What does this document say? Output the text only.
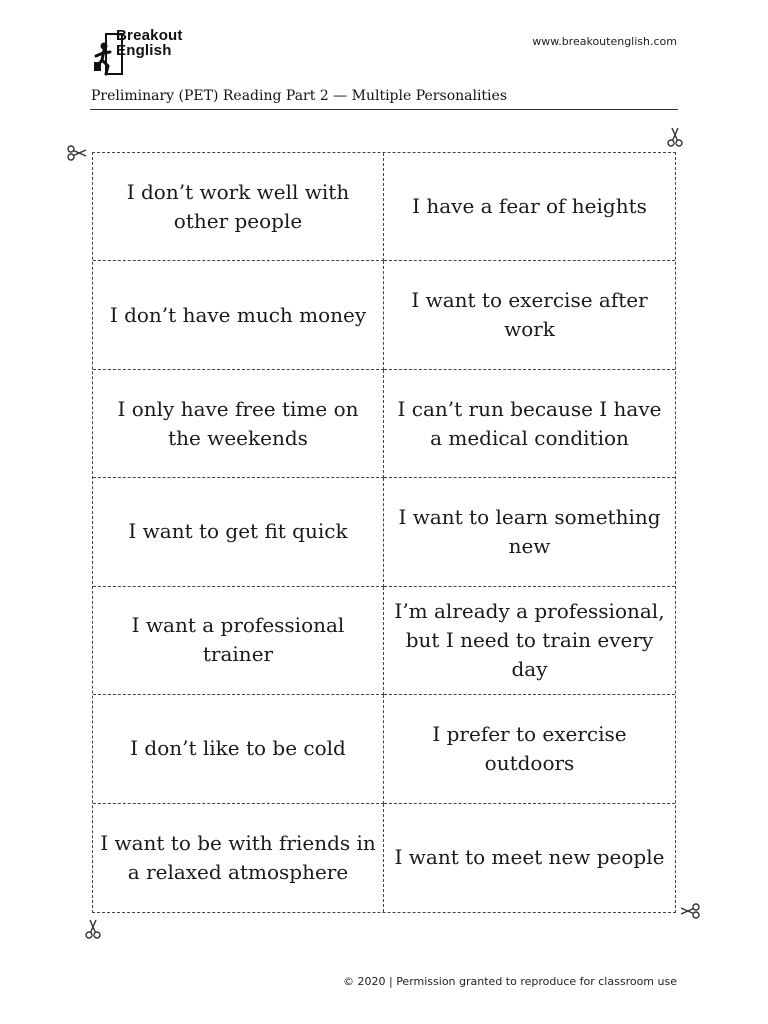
Breakout
English
www.breakoutenglish.com
Preliminary (PET) Reading Part 2 — Multiple Personalities
I don’t work well with other people
I have a fear of heights
I don’t have much money
I want to exercise after work
I only have free time on the weekends
I can’t run because I have a medical condition
I want to get fit quick
I want to learn something new
I want a professional trainer
I’m already a professional, but I need to train every day
I don’t like to be cold
I prefer to exercise outdoors
I want to be with friends in a relaxed atmosphere
I want to meet new people
© 2020 | Permission granted to reproduce for classroom use
